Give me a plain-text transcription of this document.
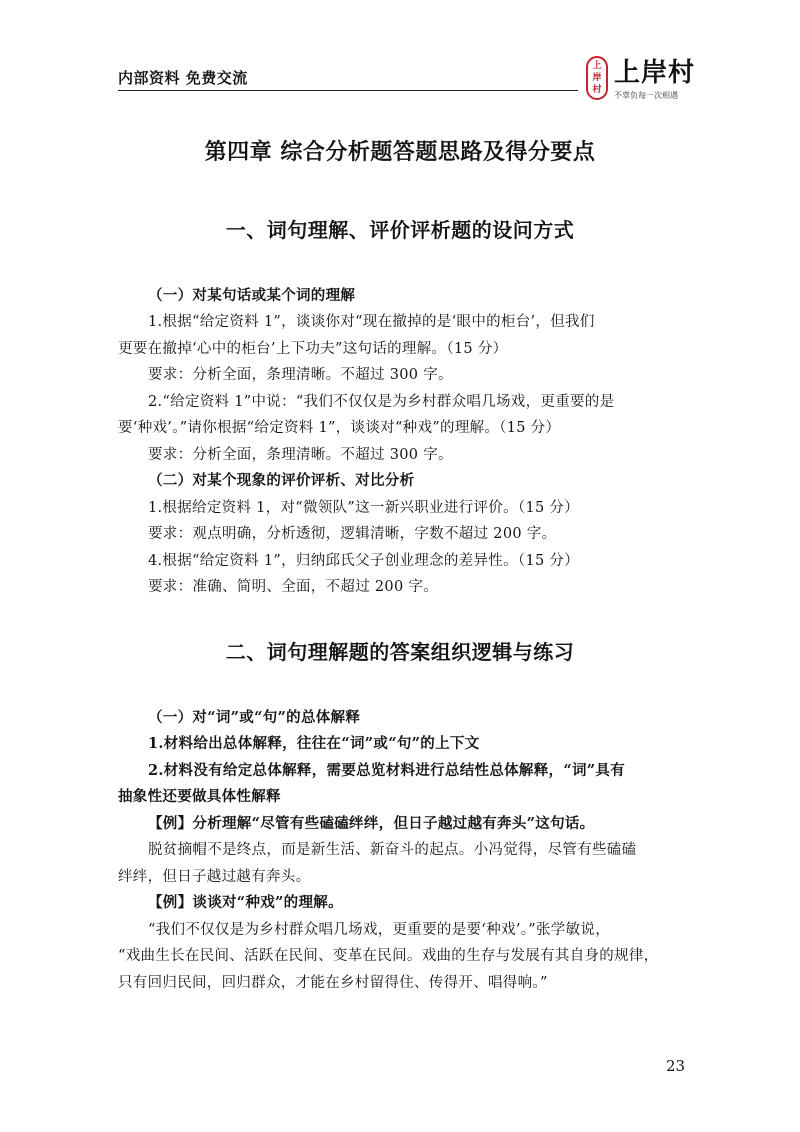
内部资料 免费交流
上
岸
村
上岸村
不辜负每一次相遇
第四章 综合分析题答题思路及得分要点
一、词句理解、评价评析题的设问方式
（一）对某句话或某个词的理解
1.根据“给定资料 1”，谈谈你对“现在撤掉的是‘眼中的柜台’，但我们
更要在撤掉‘心中的柜台’上下功夫”这句话的理解。（15 分）
要求：分析全面，条理清晰。不超过 300 字。
2.“给定资料 1”中说：“我们不仅仅是为乡村群众唱几场戏，更重要的是
要‘种戏’。”请你根据“给定资料 1”，谈谈对“种戏”的理解。（15 分）
要求：分析全面，条理清晰。不超过 300 字。
（二）对某个现象的评价评析、对比分析
1.根据给定资料 1，对“微领队”这一新兴职业进行评价。（15 分）
要求：观点明确，分析透彻，逻辑清晰，字数不超过 200 字。
4.根据“给定资料 1”，归纳邱氏父子创业理念的差异性。（15 分）
要求：准确、简明、全面，不超过 200 字。
二、词句理解题的答案组织逻辑与练习
（一）对“词”或“句”的总体解释
1.材料给出总体解释，往往在“词”或“句”的上下文
2.材料没有给定总体解释，需要总览材料进行总结性总体解释，“词”具有
抽象性还要做具体性解释
【例】分析理解“尽管有些磕磕绊绊，但日子越过越有奔头”这句话。
脱贫摘帽不是终点，而是新生活、新奋斗的起点。小冯觉得，尽管有些磕磕
绊绊，但日子越过越有奔头。
【例】谈谈对“种戏”的理解。
“我们不仅仅是为乡村群众唱几场戏，更重要的是要‘种戏’。”张学敏说，
“戏曲生长在民间、活跃在民间、变革在民间。戏曲的生存与发展有其自身的规律，
只有回归民间，回归群众，才能在乡村留得住、传得开、唱得响。”
23
